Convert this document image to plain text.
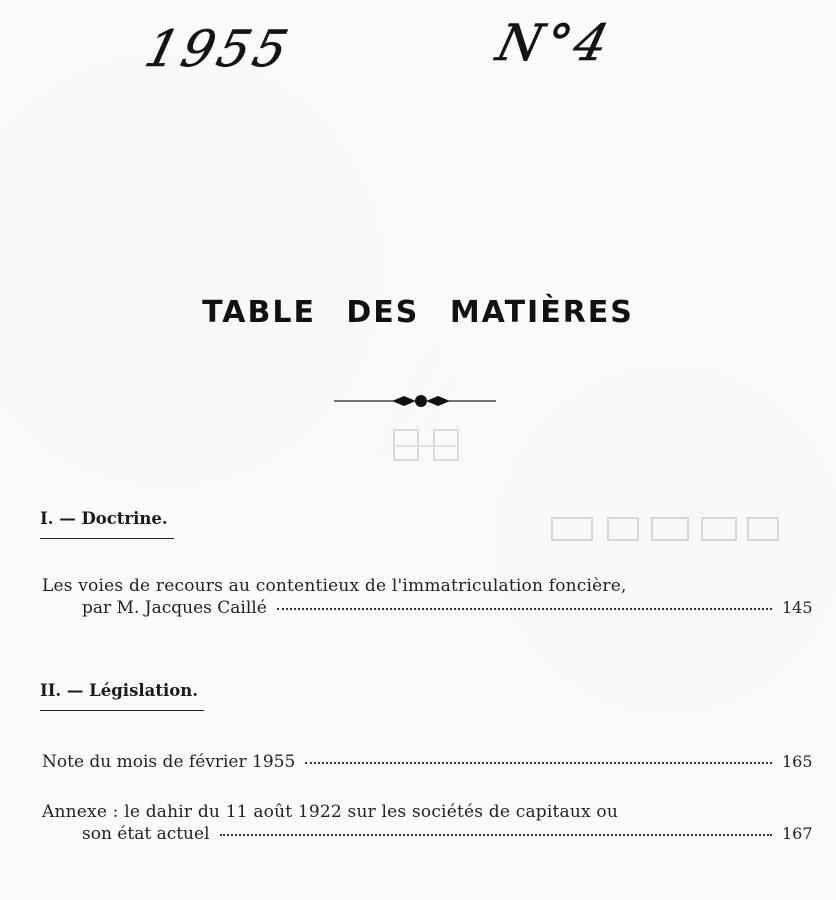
1955	N°4
TABLE DES MATIÈRES
I. — Doctrine.
Les voies de recours au contentieux de l'immatriculation foncière,
par M. Jacques Caillé	145
II. — Législation.
Note du mois de février 1955	165
Annexe : le dahir du 11 août 1922 sur les sociétés de capitaux ou
son état actuel	167
